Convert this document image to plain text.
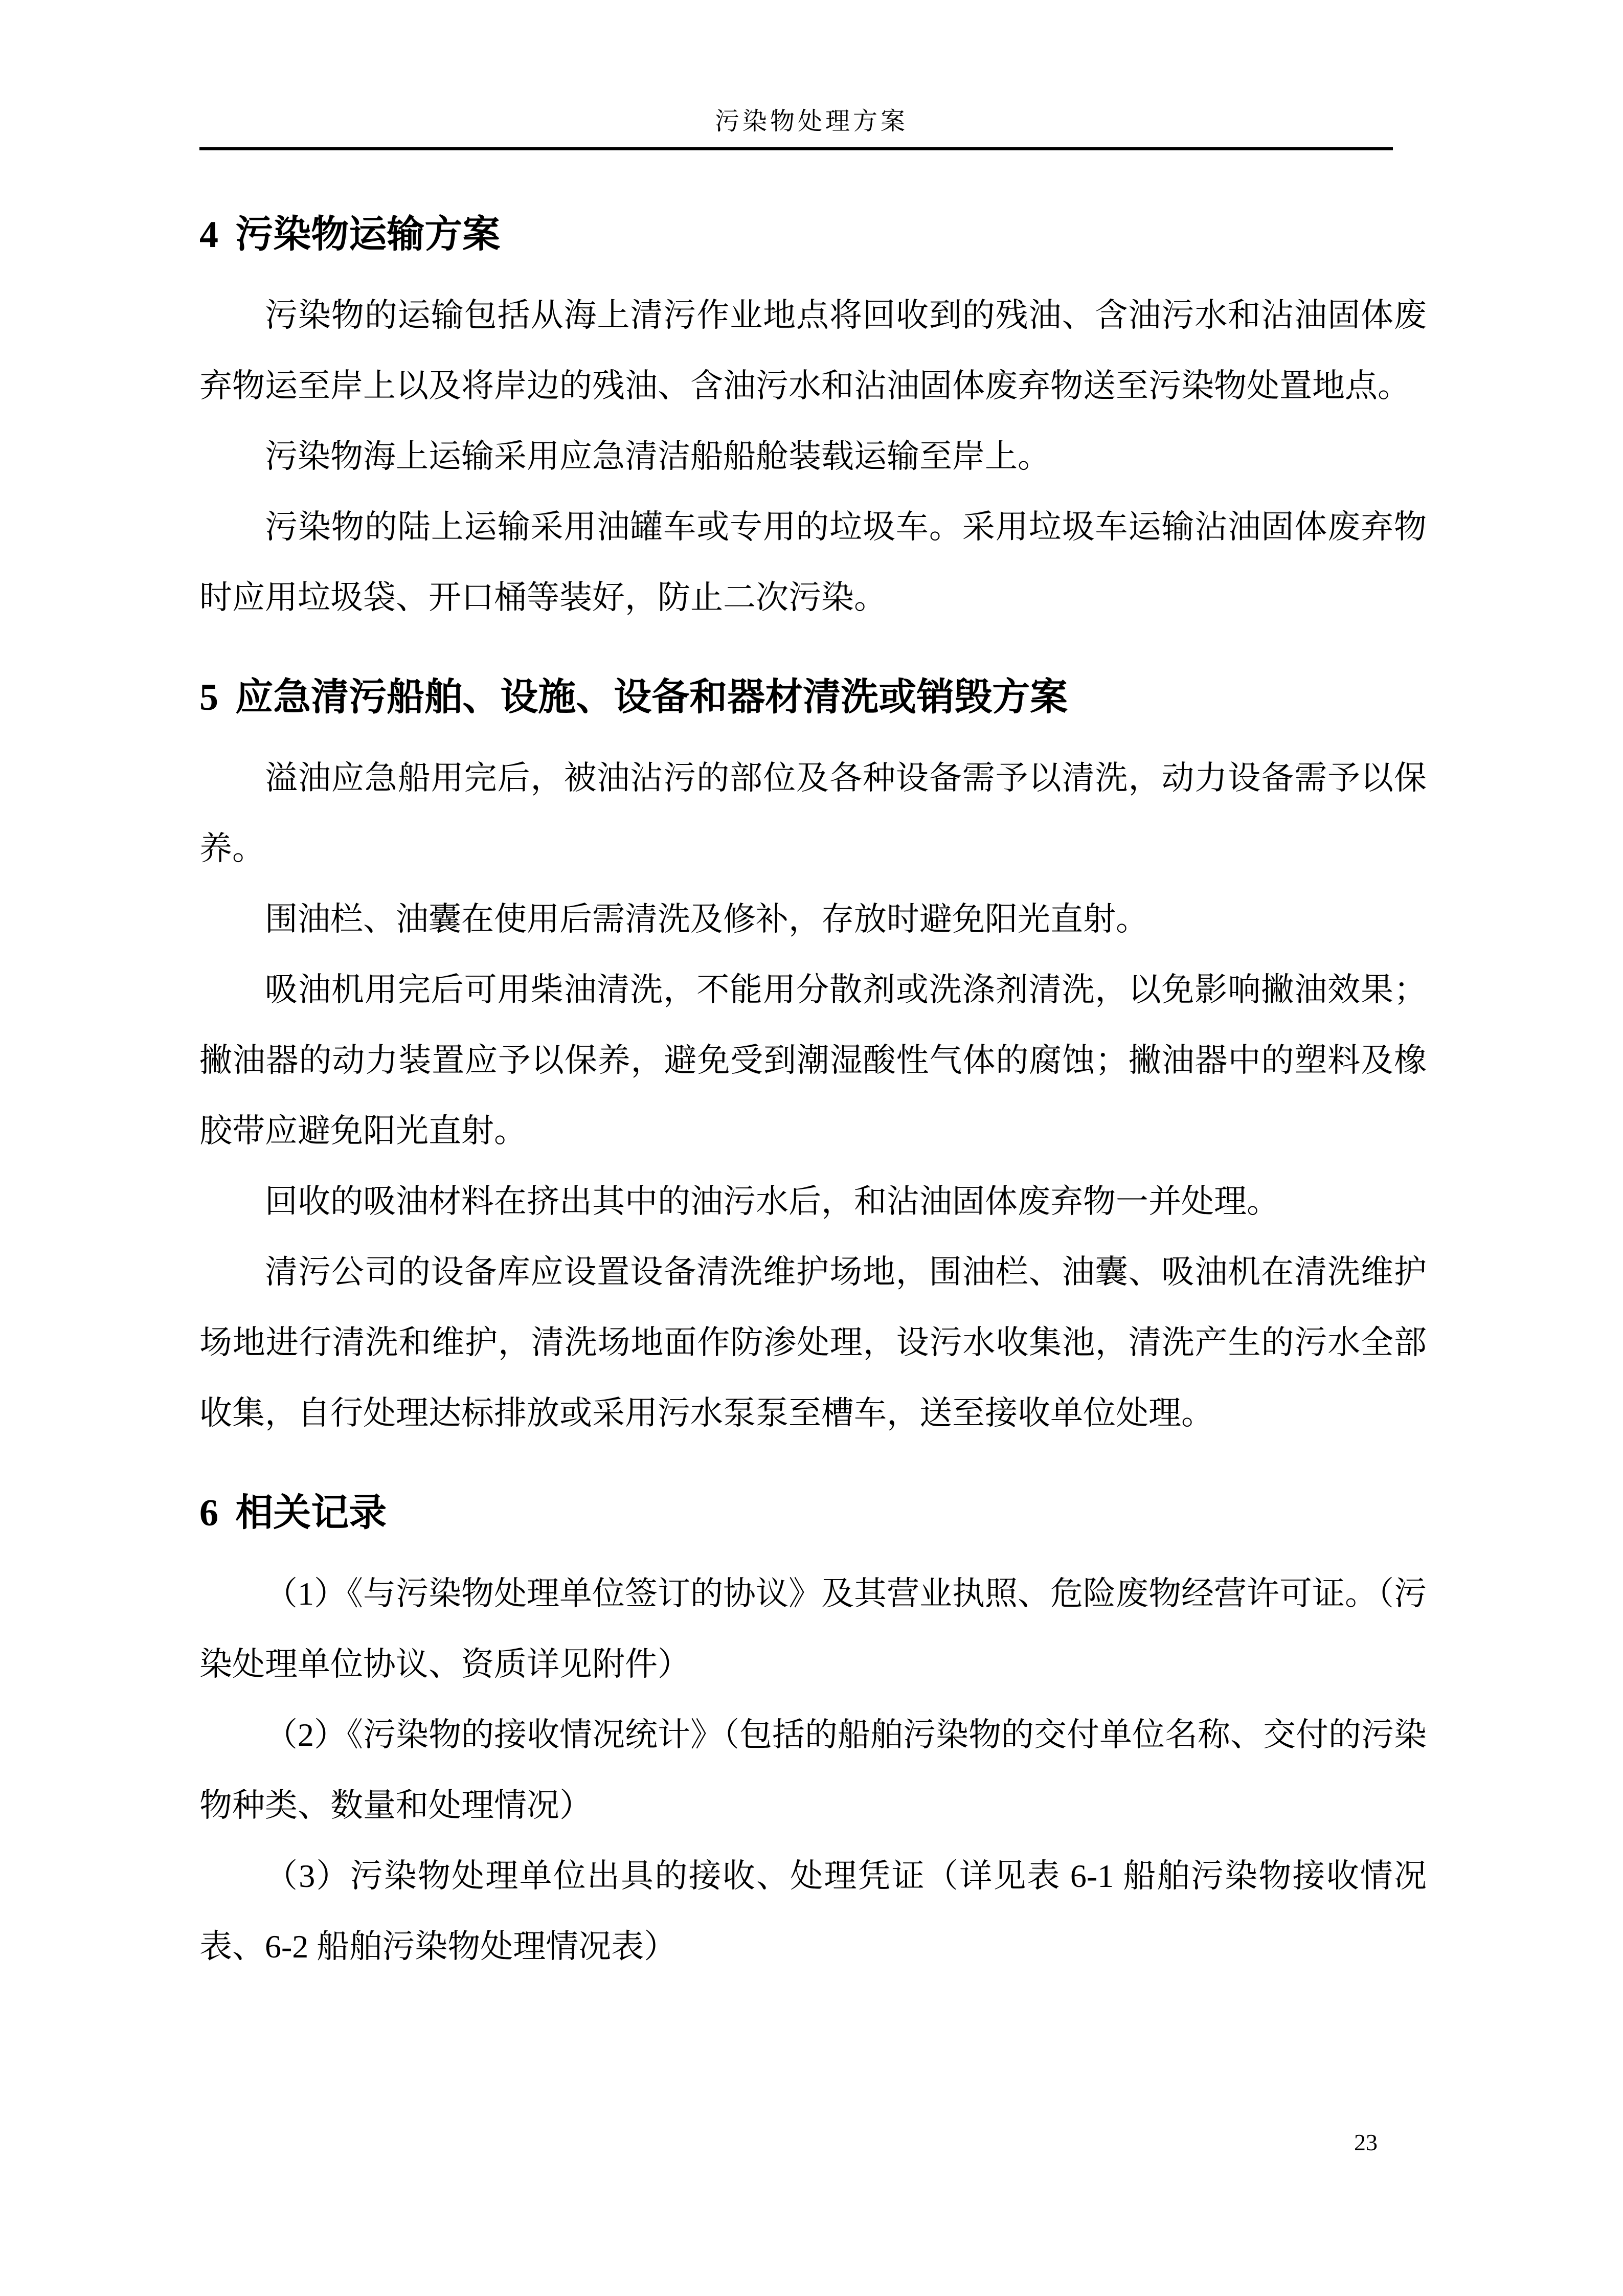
污染物处理方案
4 污染物运输方案

污染物的运输包括从海上清污作业地点将回收到的残油、含油污水和沾油固体废弃物运至岸上以及将岸边的残油、含油污水和沾油固体废弃物送至污染物处置地点。

污染物海上运输采用应急清洁船船舱装载运输至岸上。

污染物的陆上运输采用油罐车或专用的垃圾车。采用垃圾车运输沾油固体废弃物时应用垃圾袋、开口桶等装好，防止二次污染。

5 应急清污船舶、设施、设备和器材清洗或销毁方案

溢油应急船用完后，被油沾污的部位及各种设备需予以清洗，动力设备需予以保养。

围油栏、油囊在使用后需清洗及修补，存放时避免阳光直射。

吸油机用完后可用柴油清洗，不能用分散剂或洗涤剂清洗，以免影响撇油效果；撇油器的动力装置应予以保养，避免受到潮湿酸性气体的腐蚀；撇油器中的塑料及橡胶带应避免阳光直射。

回收的吸油材料在挤出其中的油污水后，和沾油固体废弃物一并处理。

清污公司的设备库应设置设备清洗维护场地，围油栏、油囊、吸油机在清洗维护场地进行清洗和维护，清洗场地面作防渗处理，设污水收集池，清洗产生的污水全部收集，自行处理达标排放或采用污水泵泵至槽车，送至接收单位处理。

6 相关记录

（1）《与污染物处理单位签订的协议》及其营业执照、危险废物经营许可证。（污染处理单位协议、资质详见附件）

（2）《污染物的接收情况统计》（包括的船舶污染物的交付单位名称、交付的污染物种类、数量和处理情况）

（3）污染物处理单位出具的接收、处理凭证（详见表 6-1 船舶污染物接收情况表、6-2 船舶污染物处理情况表）

23
